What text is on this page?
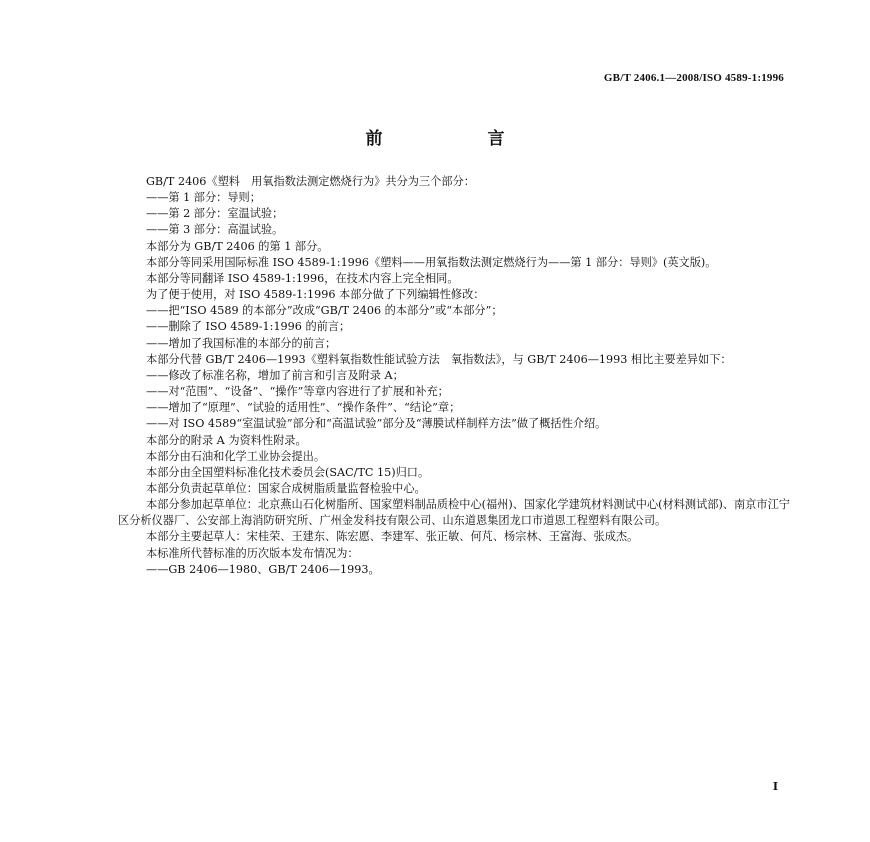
GB/T 2406.1—2008/ISO 4589-1:1996
前　言

GB/T 2406《塑料　用氧指数法测定燃烧行为》共分为三个部分：

——第 1 部分：导则；

——第 2 部分：室温试验；

——第 3 部分：高温试验。

本部分为 GB/T 2406 的第 1 部分。

本部分等同采用国际标准 ISO 4589-1:1996《塑料——用氧指数法测定燃烧行为——第 1 部分：导则》(英文版)。

本部分等同翻译 ISO 4589-1:1996，在技术内容上完全相同。

为了便于使用，对 ISO 4589-1:1996 本部分做了下列编辑性修改：

——把“ISO 4589 的本部分”改成“GB/T 2406 的本部分”或“本部分”；

——删除了 ISO 4589-1:1996 的前言；

——增加了我国标准的本部分的前言；

本部分代替 GB/T 2406—1993《塑料氧指数性能试验方法　氧指数法》，与 GB/T 2406—1993 相比主要差异如下：

——修改了标准名称，增加了前言和引言及附录 A；

——对“范围”、“设备”、“操作”等章内容进行了扩展和补充；

——增加了“原理”、“试验的适用性”、“操作条件”、“结论”章；

——对 ISO 4589“室温试验”部分和“高温试验”部分及“薄膜试样制样方法”做了概括性介绍。

本部分的附录 A 为资料性附录。

本部分由石油和化学工业协会提出。

本部分由全国塑料标准化技术委员会(SAC/TC 15)归口。

本部分负责起草单位：国家合成树脂质量监督检验中心。

本部分参加起草单位：北京燕山石化树脂所、国家塑料制品质检中心(福州)、国家化学建筑材料测试中心(材料测试部)、南京市江宁区分析仪器厂、公安部上海消防研究所、广州金发科技有限公司、山东道恩集团龙口市道恩工程塑料有限公司。

本部分主要起草人：宋桂荣、王建东、陈宏愿、李建军、张正敏、何芃、杨宗林、王富海、张成杰。

本标准所代替标准的历次版本发布情况为：

——GB 2406—1980、GB/T 2406—1993。

I
